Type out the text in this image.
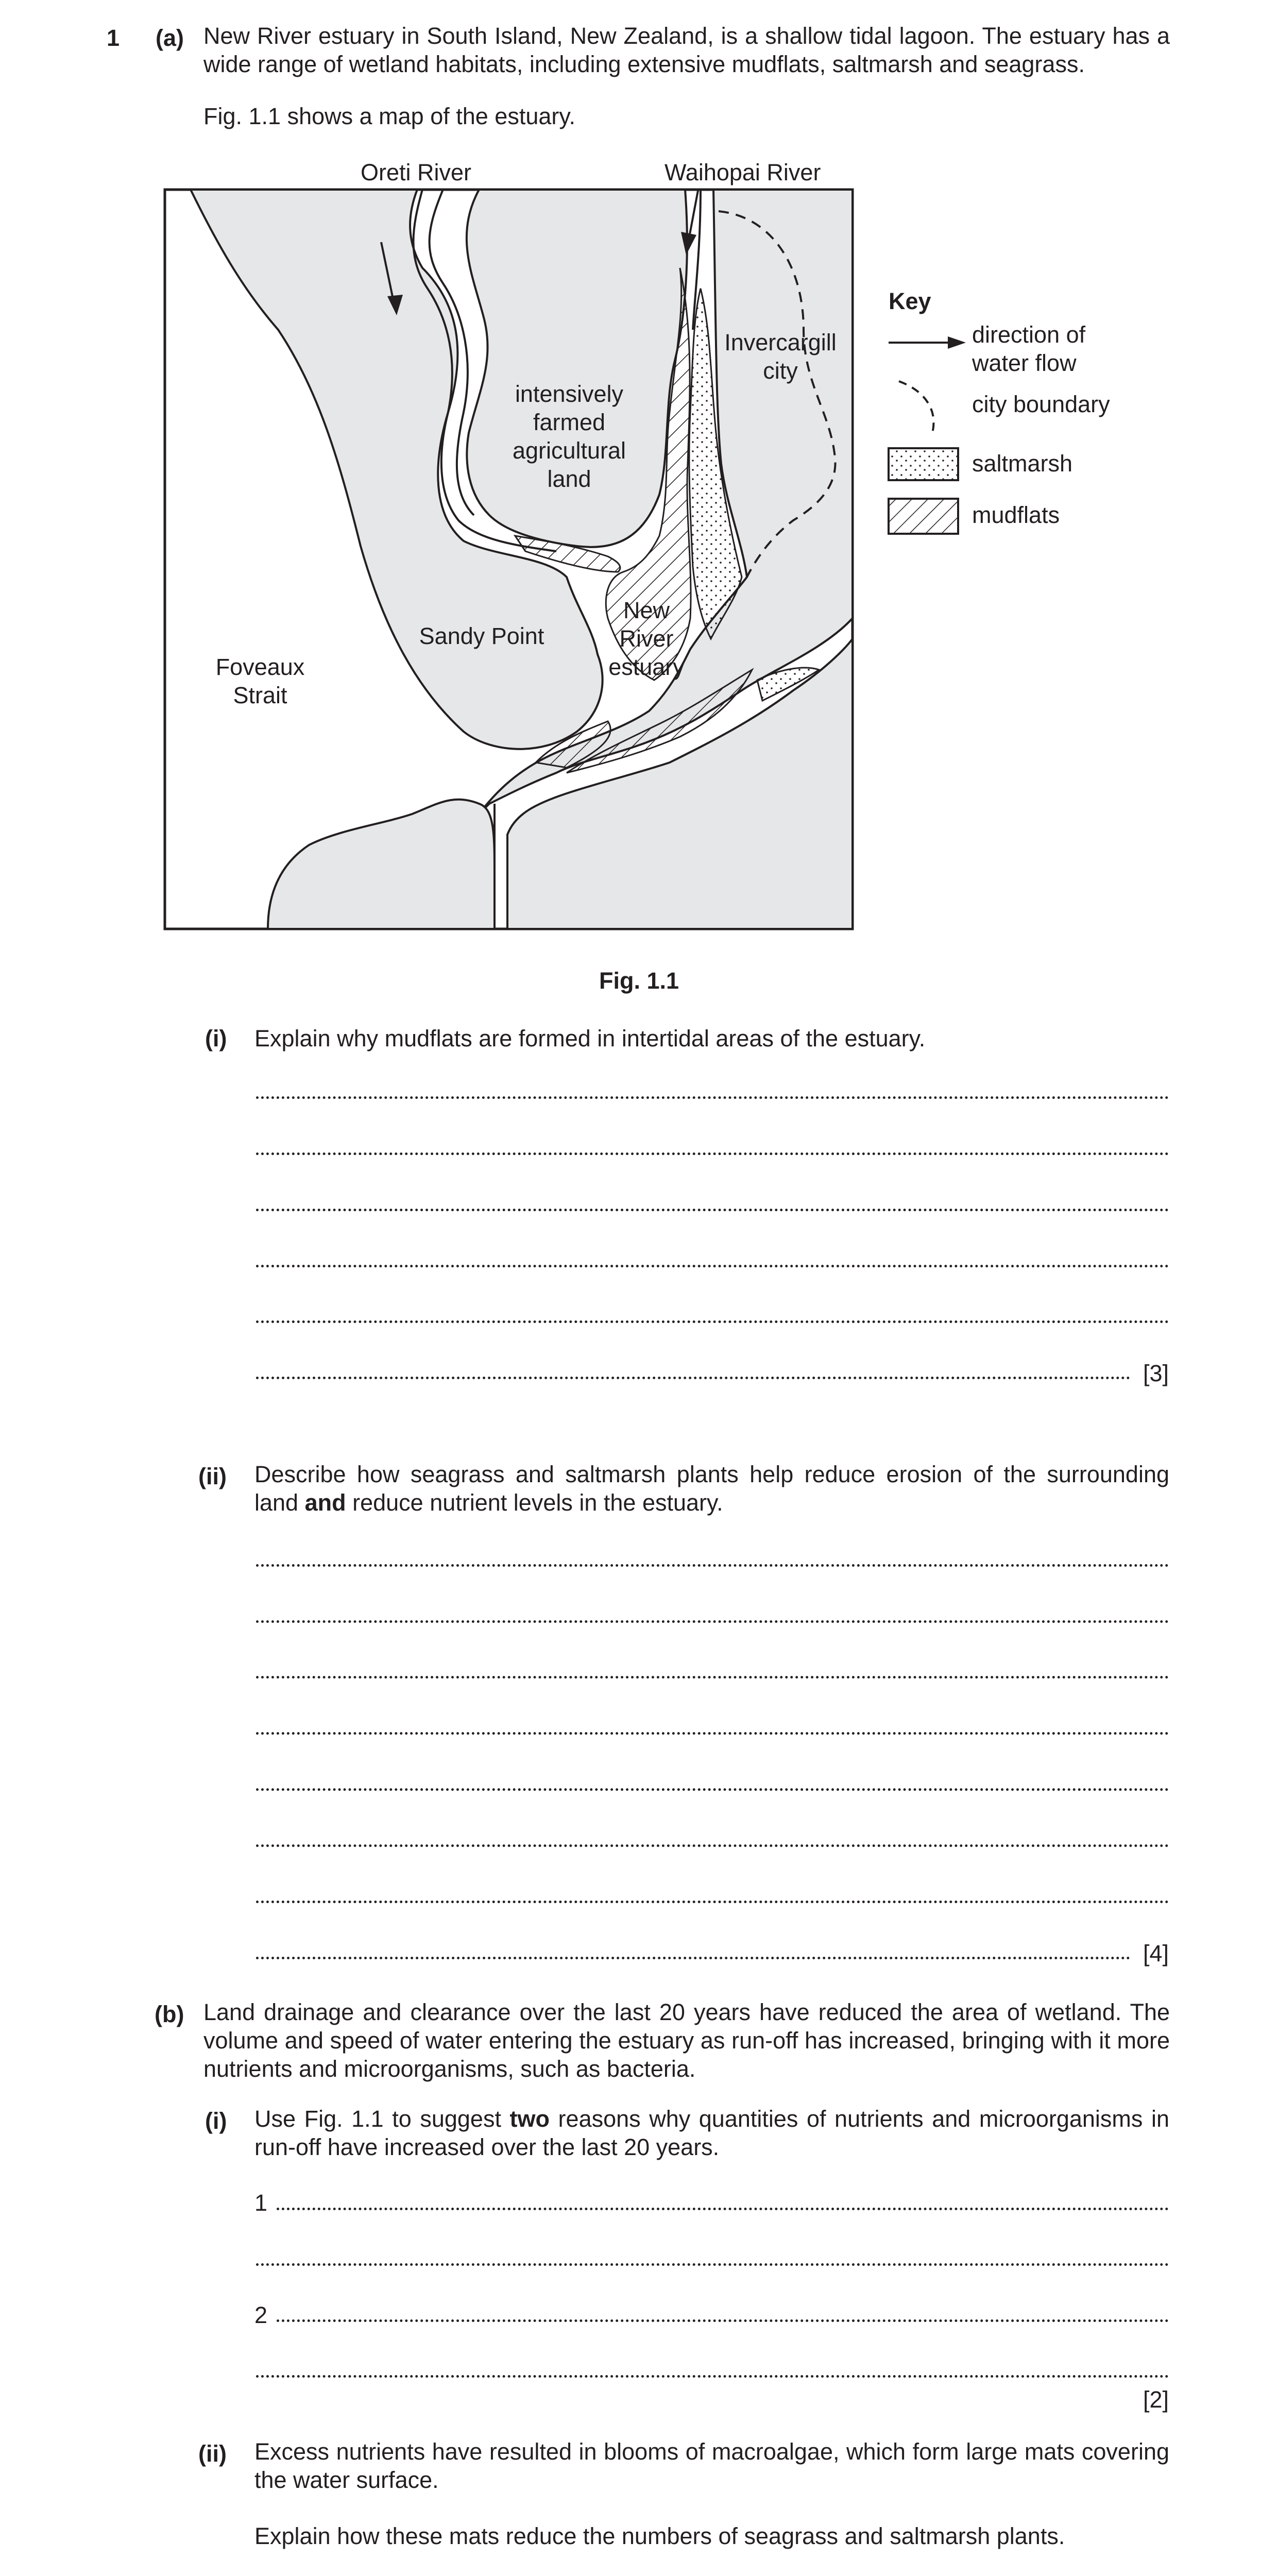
1 (a) New River estuary in South Island, New Zealand, is a shallow tidal lagoon. The estuary has a wide range of wetland habitats, including extensive mudflats, saltmarsh and seagrass.
Fig. 1.1 shows a map of the estuary.
Oreti River	Waihopai River
intensively
farmed
agricultural
land
Invercargill
city
Sandy Point
New
River
estuary
Foveaux
Strait
Key
direction of
water flow
city boundary
saltmarsh
mudflats
Fig. 1.1
(i) Explain why mudflats are formed in intertidal areas of the estuary.
[3]
(ii) Describe how seagrass and saltmarsh plants help reduce erosion of the surrounding land and reduce nutrient levels in the estuary.
[4]
(b) Land drainage and clearance over the last 20 years have reduced the area of wetland. The volume and speed of water entering the estuary as run-off has increased, bringing with it more nutrients and microorganisms, such as bacteria.
(i) Use Fig. 1.1 to suggest two reasons why quantities of nutrients and microorganisms in run-off have increased over the last 20 years.
1
2
[2]
(ii) Excess nutrients have resulted in blooms of macroalgae, which form large mats covering the water surface.
Explain how these mats reduce the numbers of seagrass and saltmarsh plants.
